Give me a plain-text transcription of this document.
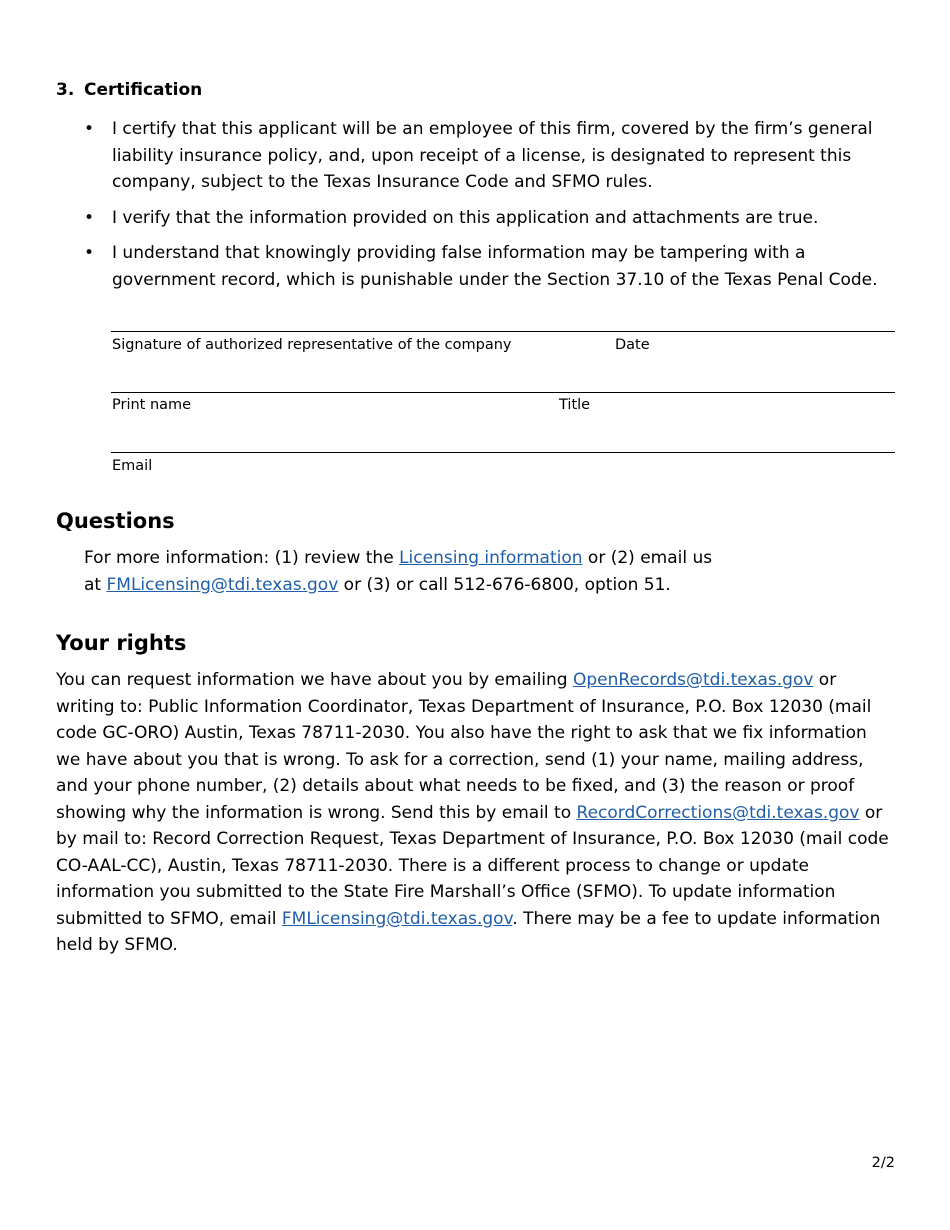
3. Certification
• I certify that this applicant will be an employee of this firm, covered by the firm’s general liability insurance policy, and, upon receipt of a license, is designated to represent this company, subject to the Texas Insurance Code and SFMO rules.
• I verify that the information provided on this application and attachments are true.
• I understand that knowingly providing false information may be tampering with a government record, which is punishable under the Section 37.10 of the Texas Penal Code.
Signature of authorized representative of the company	Date
Print name	Title
Email
Questions

For more information: (1) review the Licensing information or (2) email us at FMLicensing@tdi.texas.gov or (3) or call 512-676-6800, option 51.

Your rights

You can request information we have about you by emailing OpenRecords@tdi.texas.gov or writing to: Public Information Coordinator, Texas Department of Insurance, P.O. Box 12030 (mail code GC-ORO) Austin, Texas 78711-2030. You also have the right to ask that we fix information we have about you that is wrong. To ask for a correction, send (1) your name, mailing address, and your phone number, (2) details about what needs to be fixed, and (3) the reason or proof showing why the information is wrong. Send this by email to RecordCorrections@tdi.texas.gov or by mail to: Record Correction Request, Texas Department of Insurance, P.O. Box 12030 (mail code CO-AAL-CC), Austin, Texas 78711-2030. There is a different process to change or update information you submitted to the State Fire Marshall’s Office (SFMO). To update information submitted to SFMO, email FMLicensing@tdi.texas.gov. There may be a fee to update information held by SFMO.

2/2
